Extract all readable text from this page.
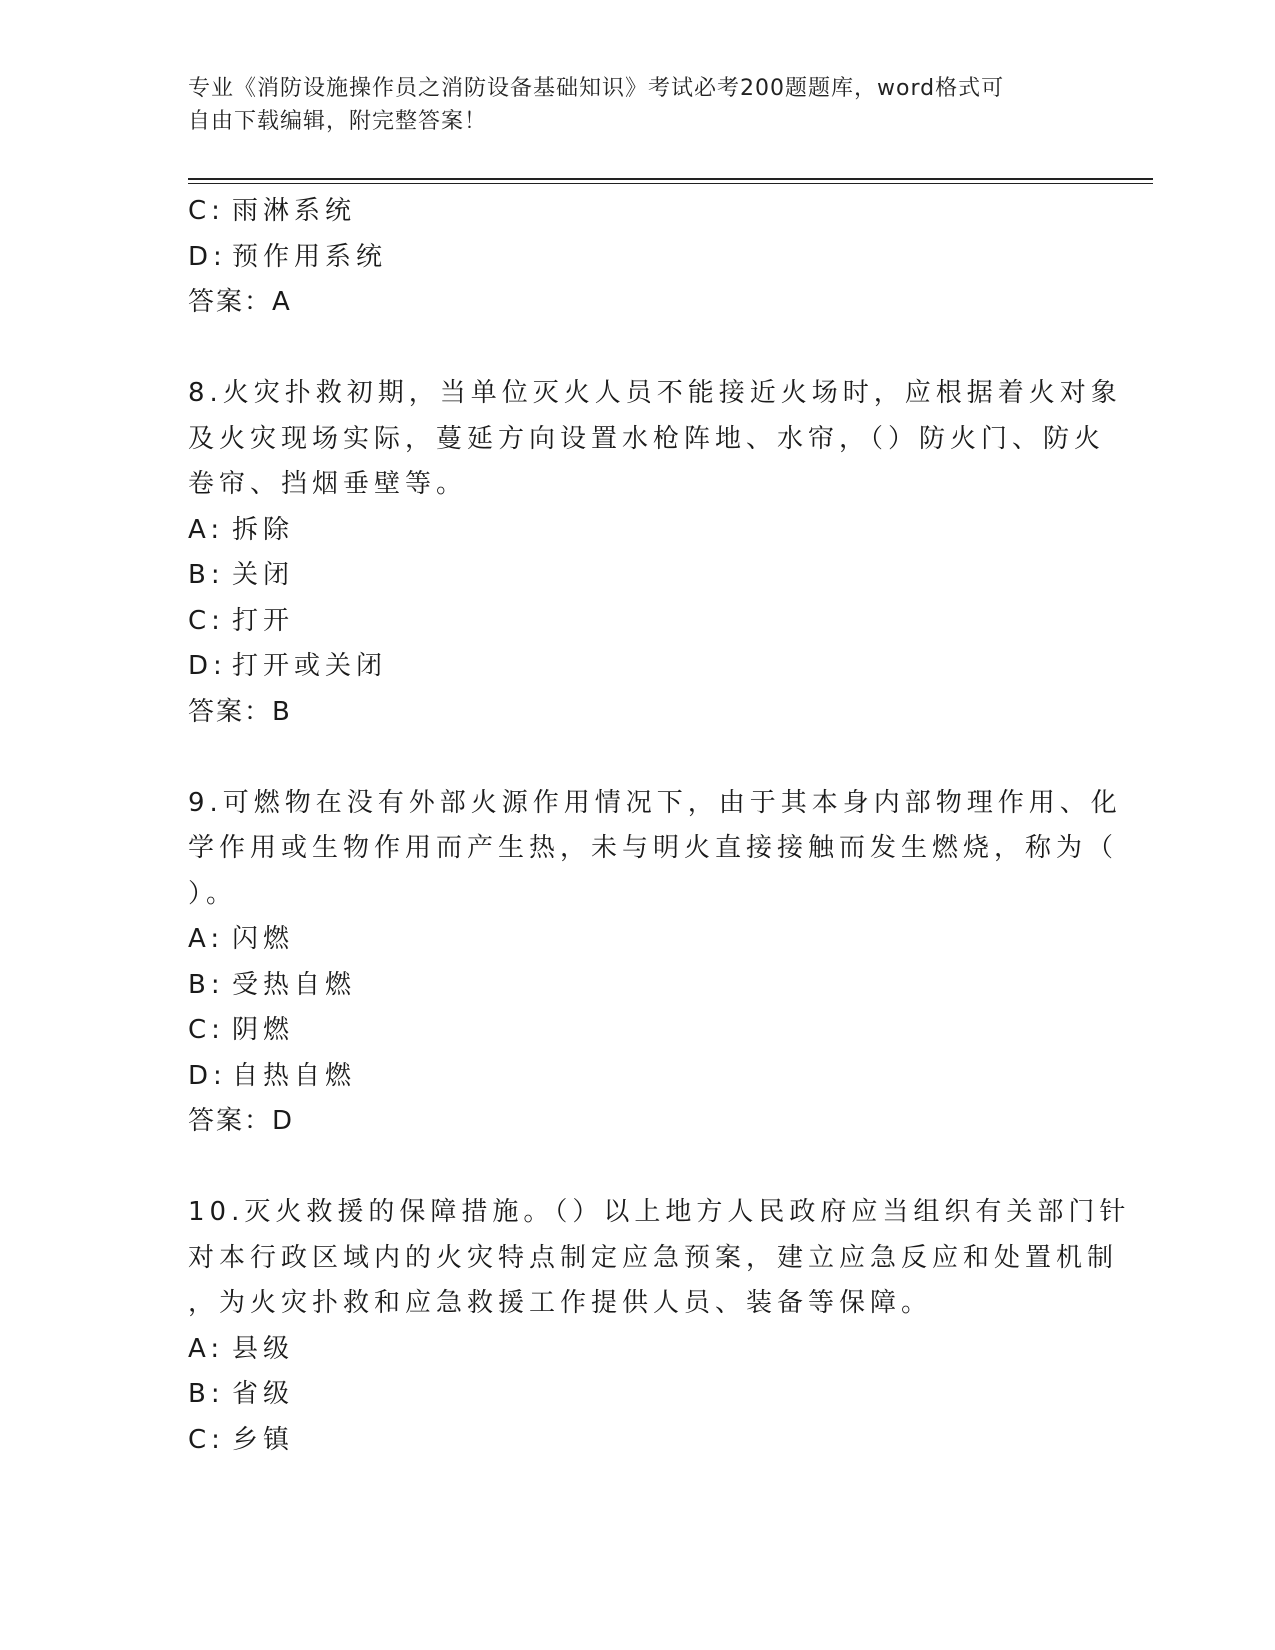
专业《消防设施操作员之消防设备基础知识》考试必考200题题库，word格式可
自由下载编辑，附完整答案！

C: 雨淋系统

D: 预作用系统

答案：A

8.火灾扑救初期，当单位灭火人员不能接近火场时，应根据着火对象

及火灾现场实际，蔓延方向设置水枪阵地、水帘，（）防火门、防火

卷帘、挡烟垂壁等。

A: 拆除

B: 关闭

C: 打开

D: 打开或关闭

答案：B

9.可燃物在没有外部火源作用情况下，由于其本身内部物理作用、化

学作用或生物作用而产生热，未与明火直接接触而发生燃烧，称为（

）。

A: 闪燃

B: 受热自燃

C: 阴燃

D: 自热自燃

答案：D

10.灭火救援的保障措施。（）以上地方人民政府应当组织有关部门针

对本行政区域内的火灾特点制定应急预案，建立应急反应和处置机制

，为火灾扑救和应急救援工作提供人员、装备等保障。

A: 县级

B: 省级

C: 乡镇
